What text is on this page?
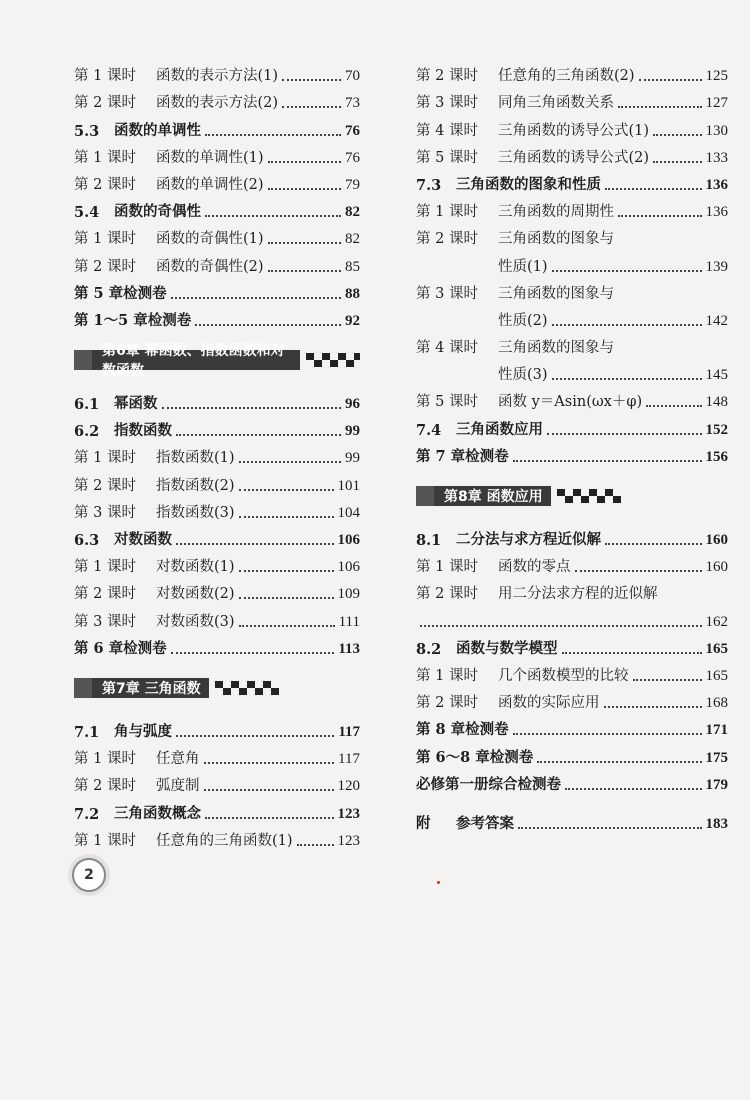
第 1 课时	函数的表示方法(1)	70
第 2 课时	函数的表示方法(2)	73
5.3	函数的单调性	76
第 1 课时	函数的单调性(1)	76
第 2 课时	函数的单调性(2)	79
5.4	函数的奇偶性	82
第 1 课时	函数的奇偶性(1)	82
第 2 课时	函数的奇偶性(2)	85
第 5 章检测卷	88
第 1～5 章检测卷	92
第6章 幂函数、指数函数和对数函数
6.1	幂函数	96
6.2	指数函数	99
第 1 课时	指数函数(1)	99
第 2 课时	指数函数(2)	101
第 3 课时	指数函数(3)	104
6.3	对数函数	106
第 1 课时	对数函数(1)	106
第 2 课时	对数函数(2)	109
第 3 课时	对数函数(3)	111
第 6 章检测卷	113
第7章 三角函数
7.1	角与弧度	117
第 1 课时	任意角	117
第 2 课时	弧度制	120
7.2	三角函数概念	123
第 1 课时	任意角的三角函数(1)	123
第 2 课时	任意角的三角函数(2)	125
第 3 课时	同角三角函数关系	127
第 4 课时	三角函数的诱导公式(1)	130
第 5 课时	三角函数的诱导公式(2)	133
7.3	三角函数的图象和性质	136
第 1 课时	三角函数的周期性	136
第 2 课时	三角函数的图象与
性质(1)	139
第 3 课时	三角函数的图象与
性质(2)	142
第 4 课时	三角函数的图象与
性质(3)	145
第 5 课时	函数 y＝Asin(ωx＋φ)	148
7.4	三角函数应用	152
第 7 章检测卷	156
第8章 函数应用
8.1	二分法与求方程近似解	160
第 1 课时	函数的零点	160
第 2 课时	用二分法求方程的近似解
162
8.2	函数与数学模型	165
第 1 课时	几个函数模型的比较	165
第 2 课时	函数的实际应用	168
第 8 章检测卷	171
第 6～8 章检测卷	175
必修第一册综合检测卷	179
附	参考答案	183
2
